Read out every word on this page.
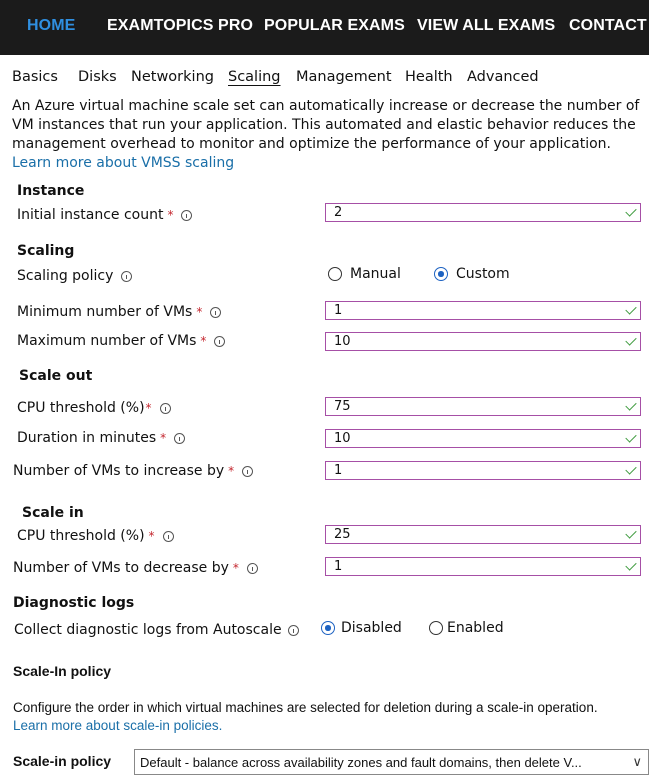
HOME EXAMTOPICS PRO POPULAR EXAMS VIEW ALL EXAMS CONTACT
Basics Disks Networking Scaling Management Health Advanced
An Azure virtual machine scale set can automatically increase or decrease the number of VM instances that run your application. This automated and elastic behavior reduces the management overhead to monitor and optimize the performance of your application. Learn more about VMSS scaling
Instance
Initial instance count *	2
Scaling
Scaling policy	Manual	Custom
Minimum number of VMs *	1
Maximum number of VMs *	10
Scale out
CPU threshold (%) *	75
Duration in minutes *	10
Number of VMs to increase by *	1
Scale in
CPU threshold (%) *	25
Number of VMs to decrease by *	1
Diagnostic logs
Collect diagnostic logs from Autoscale	Disabled	Enabled
Scale-In policy
Configure the order in which virtual machines are selected for deletion during a scale-in operation.
Learn more about scale-in policies.
Scale-in policy Default - balance across availability zones and fault domains, then delete V...	∨
